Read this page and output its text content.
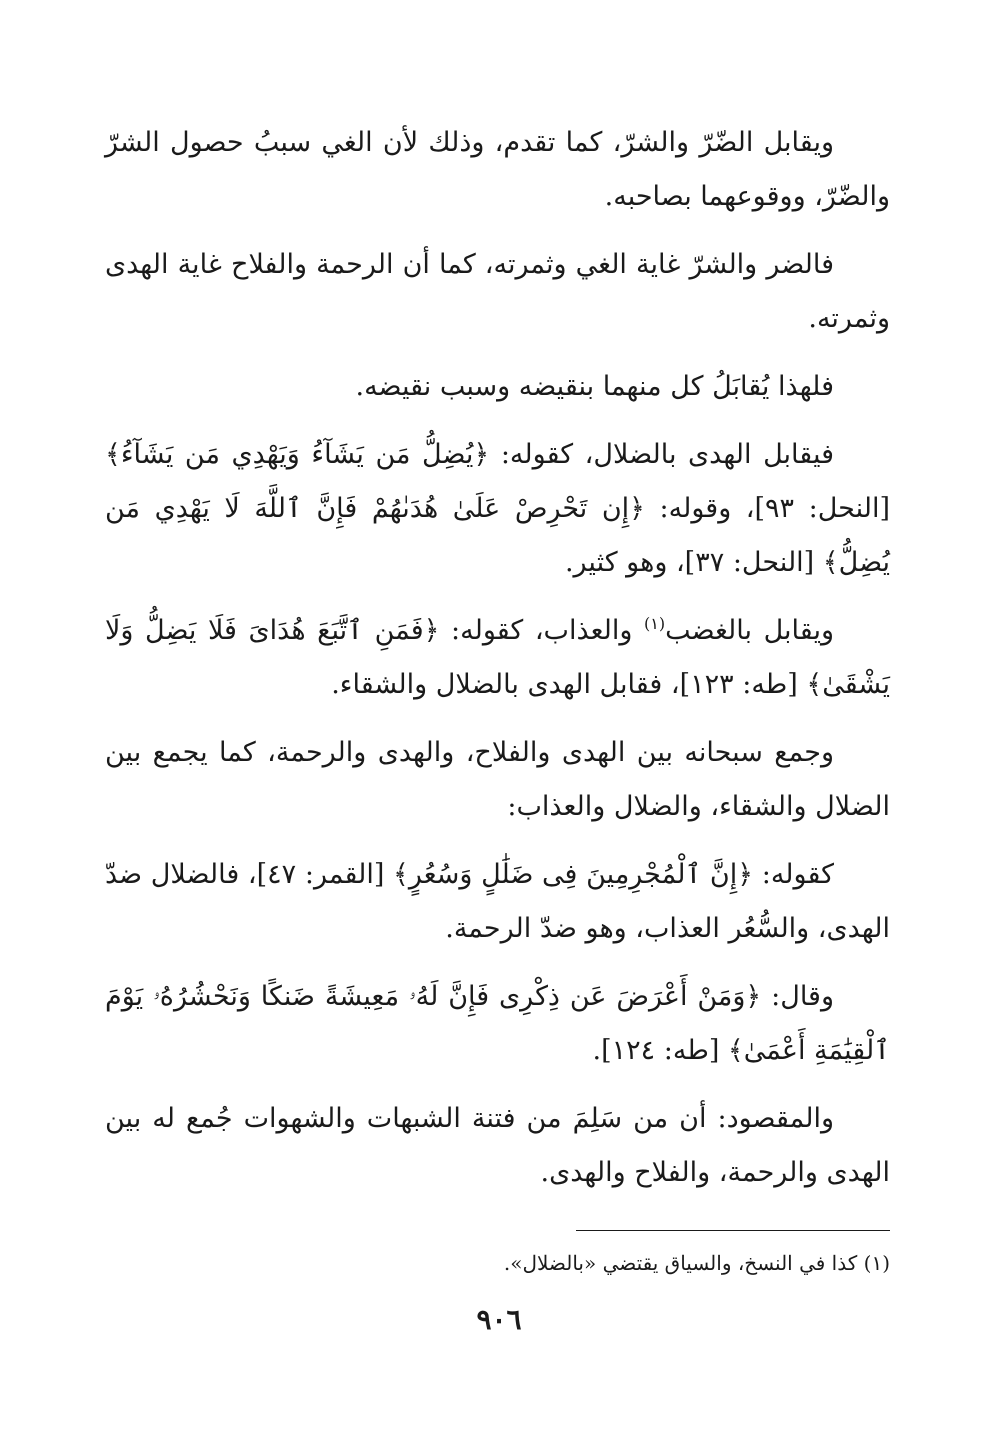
ويقابل الضّرّ والشرّ، كما تقدم، وذلك لأن الغي سببُ حصول الشرّ والضّرّ، ووقوعهما بصاحبه.

فالضر والشرّ غاية الغي وثمرته، كما أن الرحمة والفلاح غاية الهدى وثمرته.

فلهذا يُقابَلُ كل منهما بنقيضه وسبب نقيضه.

فيقابل الهدى بالضلال، كقوله: ﴿يُضِلُّ مَن يَشَآءُ وَيَهْدِي مَن يَشَآءُ﴾ [النحل: ٩٣]، وقوله: ﴿إِن تَحْرِصْ عَلَىٰ هُدَىٰهُمْ فَإِنَّ ٱللَّهَ لَا يَهْدِي مَن يُضِلُّ﴾ [النحل: ٣٧]، وهو كثير.

ويقابل بالغضب$^{(١)}$ والعذاب، كقوله: ﴿فَمَنِ ٱتَّبَعَ هُدَاىَ فَلَا يَضِلُّ وَلَا يَشْقَىٰ﴾ [طه: ١٢٣]، فقابل الهدى بالضلال والشقاء.

وجمع سبحانه بين الهدى والفلاح، والهدى والرحمة، كما يجمع بين الضلال والشقاء، والضلال والعذاب:

كقوله: ﴿إِنَّ ٱلْمُجْرِمِينَ فِى ضَلَٰلٍ وَسُعُرٍ﴾ [القمر: ٤٧]، فالضلال ضدّ الهدى، والسُّعُر العذاب، وهو ضدّ الرحمة.

وقال: ﴿وَمَنْ أَعْرَضَ عَن ذِكْرِى فَإِنَّ لَهُۥ مَعِيشَةً ضَنكًا وَنَحْشُرُهُۥ يَوْمَ ٱلْقِيَٰمَةِ أَعْمَىٰ﴾ [طه: ١٢٤].

والمقصود: أن من سَلِمَ من فتنة الشبهات والشهوات جُمع له بين الهدى والرحمة، والفلاح والهدى.

(١) كذا في النسخ، والسياق يقتضي «بالضلال».
٩٠٦
